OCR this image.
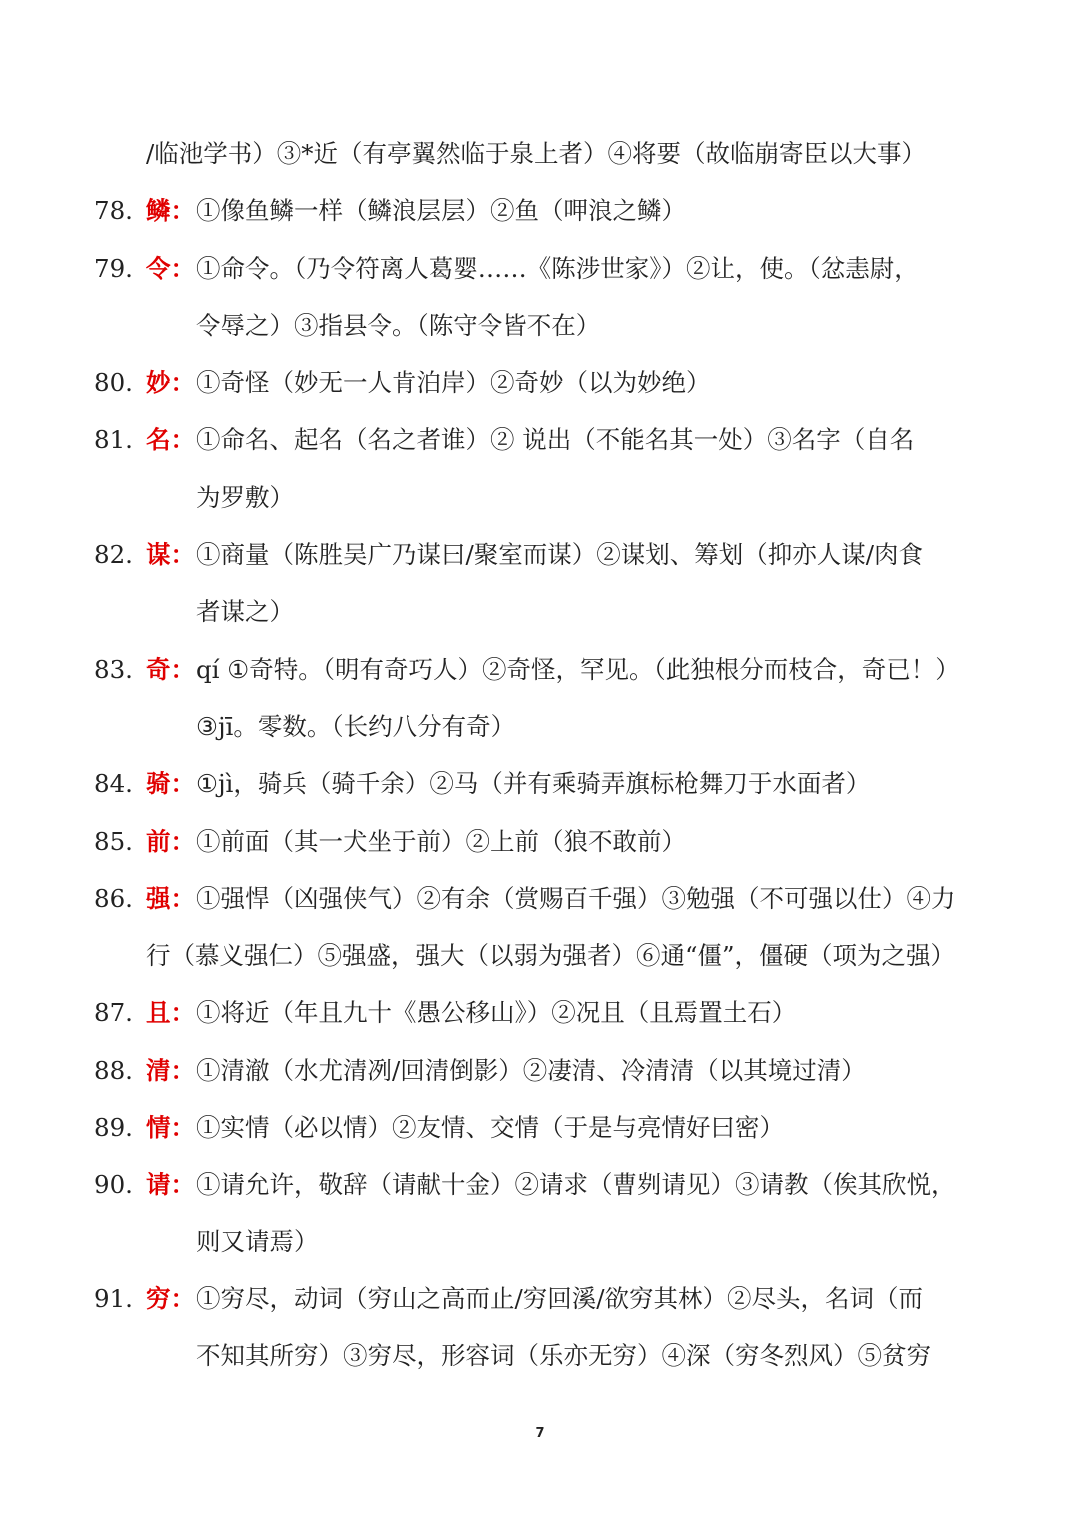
/临池学书）③*近（有亭翼然临于泉上者）④将要（故临崩寄臣以大事）
78. 鳞： ①像鱼鳞一样（鳞浪层层）②鱼（呷浪之鳞）
79. 令： ①命令。（乃令符离人葛婴……《陈涉世家》）②让，使。（忿恚尉，
令辱之）③指县令。（陈守令皆不在）
80. 妙： ①奇怪（妙无一人肯泊岸）②奇妙（以为妙绝）
81. 名： ①命名、起名（名之者谁）② 说出（不能名其一处）③名字（自名
为罗敷）
82. 谋： ①商量（陈胜吴广乃谋曰/聚室而谋）②谋划、筹划（抑亦人谋/肉食
者谋之）
83. 奇： qí ①奇特。（明有奇巧人）②奇怪，罕见。（此独根分而枝合，奇已！）
③jī。零数。（长约八分有奇）
84. 骑： ①jì，骑兵（骑千余）②马（并有乘骑弄旗标枪舞刀于水面者）
85. 前： ①前面（其一犬坐于前）②上前（狼不敢前）
86. 强： ①强悍（凶强侠气）②有余（赏赐百千强）③勉强（不可强以仕）④力
行（慕义强仁）⑤强盛，强大（以弱为强者）⑥通“僵”，僵硬（项为之强）
87. 且： ①将近（年且九十《愚公移山》）②况且（且焉置土石）
88. 清： ①清澈（水尤清冽/回清倒影）②凄清、冷清清（以其境过清）
89. 情： ①实情（必以情）②友情、交情（于是与亮情好曰密）
90. 请： ①请允许，敬辞（请献十金）②请求（曹刿请见）③请教（俟其欣悦，
则又请焉）
91. 穷： ①穷尽，动词（穷山之高而止/穷回溪/欲穷其林）②尽头，名词（而
不知其所穷）③穷尽，形容词（乐亦无穷）④深（穷冬烈风）⑤贫穷
7
